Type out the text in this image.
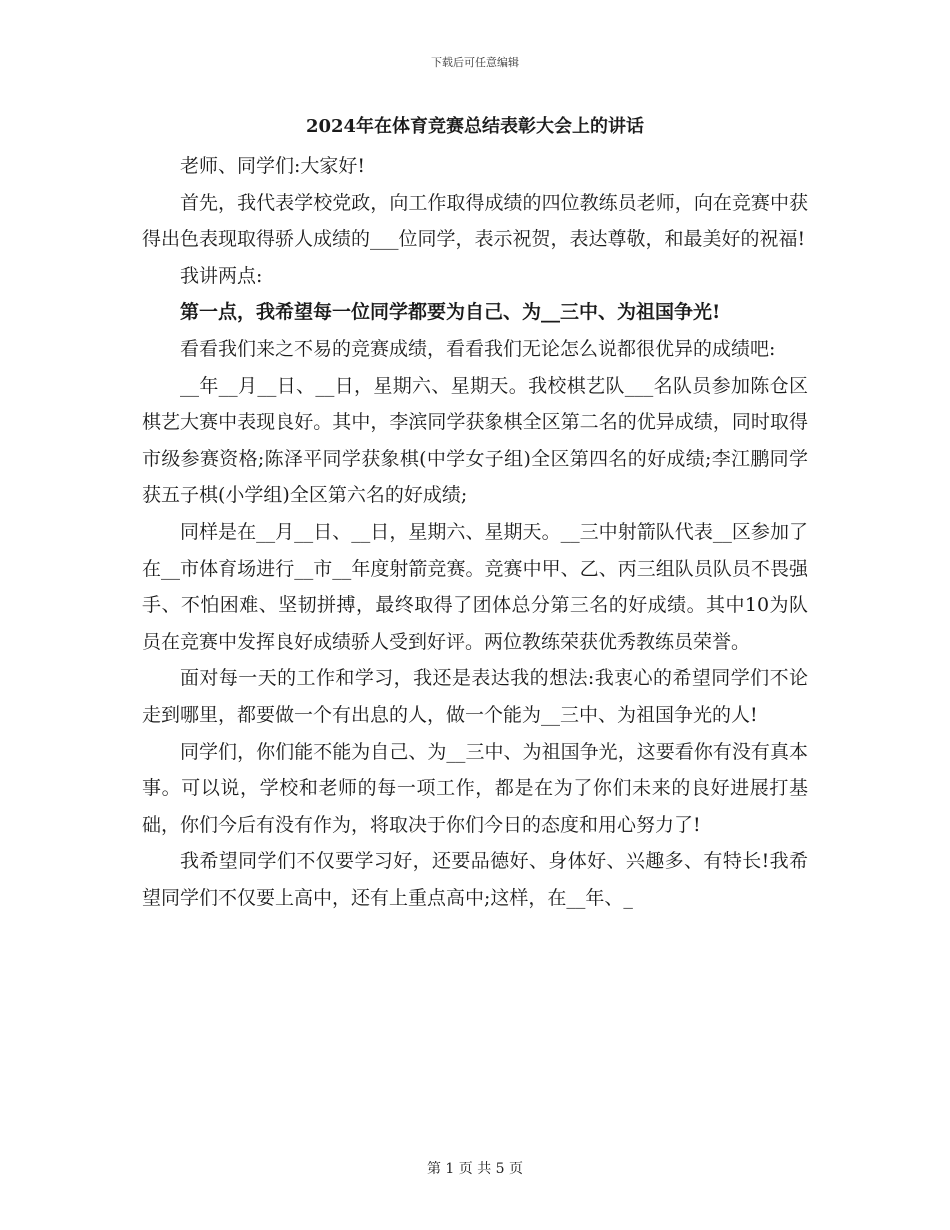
下载后可任意编辑
2024年在体育竞赛总结表彰大会上的讲话

老师、同学们:大家好!

首先，我代表学校党政，向工作取得成绩的四位教练员老师，向在竞赛中获得出色表现取得骄人成绩的___位同学，表示祝贺，表达尊敬，和最美好的祝福!

我讲两点:

第一点，我希望每一位同学都要为自己、为__三中、为祖国争光!

看看我们来之不易的竞赛成绩，看看我们无论怎么说都很优异的成绩吧:

__年__月__日、__日，星期六、星期天。我校棋艺队___名队员参加陈仓区棋艺大赛中表现良好。其中，李滨同学获象棋全区第二名的优异成绩，同时取得市级参赛资格;陈泽平同学获象棋(中学女子组)全区第四名的好成绩;李江鹏同学获五子棋(小学组)全区第六名的好成绩;

同样是在__月__日、__日，星期六、星期天。__三中射箭队代表__区参加了在__市体育场进行__市__年度射箭竞赛。竞赛中甲、乙、丙三组队员队员不畏强手、不怕困难、坚韧拼搏，最终取得了团体总分第三名的好成绩。其中10为队员在竞赛中发挥良好成绩骄人受到好评。两位教练荣获优秀教练员荣誉。

面对每一天的工作和学习，我还是表达我的想法:我衷心的希望同学们不论走到哪里，都要做一个有出息的人，做一个能为__三中、为祖国争光的人!

同学们，你们能不能为自己、为__三中、为祖国争光，这要看你有没有真本事。可以说，学校和老师的每一项工作，都是在为了你们未来的良好进展打基础，你们今后有没有作为，将取决于你们今日的态度和用心努力了!

我希望同学们不仅要学习好，还要品德好、身体好、兴趣多、有特长!我希望同学们不仅要上高中，还有上重点高中;这样，在__年、_

第 1 页 共 5 页
